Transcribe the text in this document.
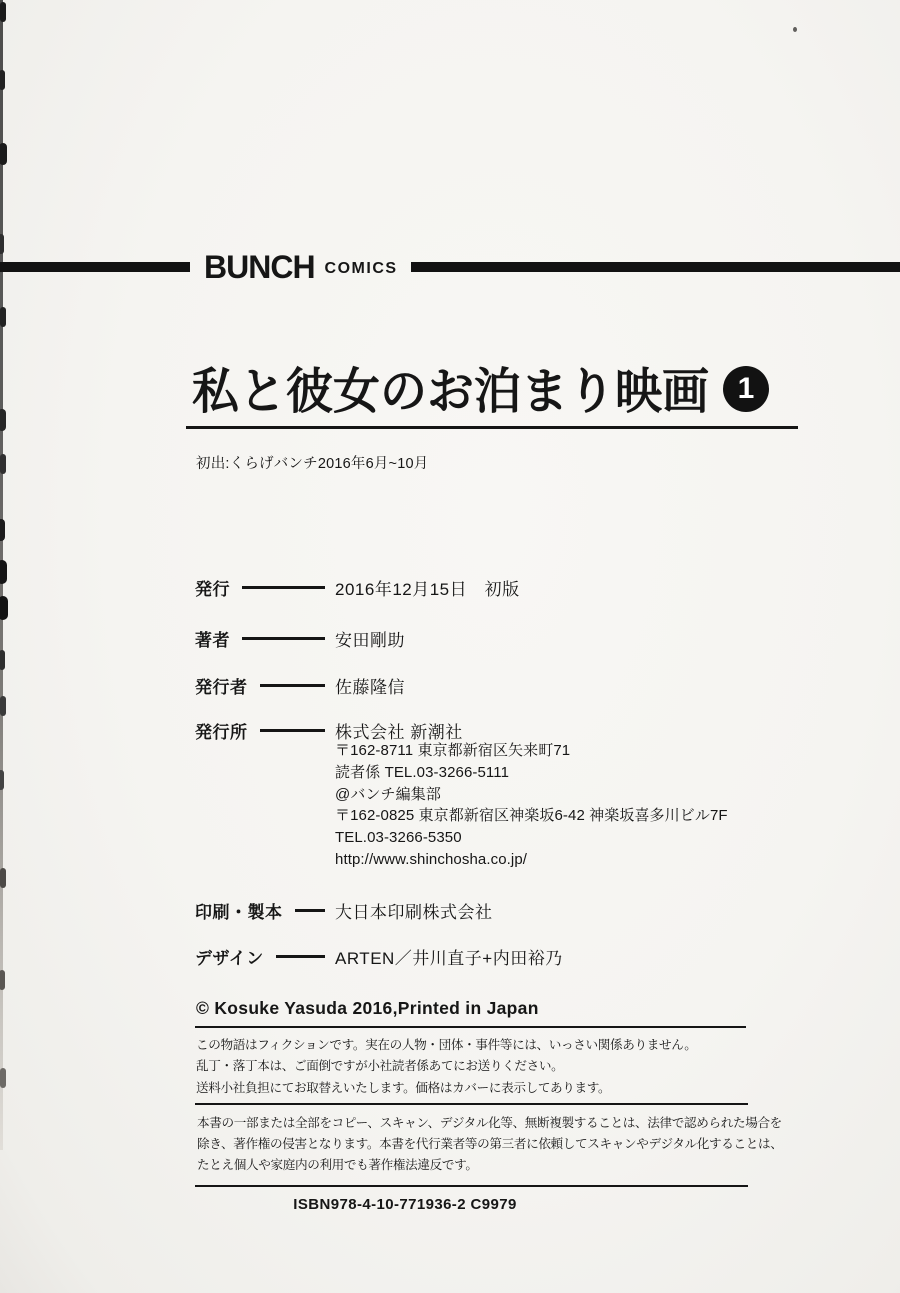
BUNCH COMICS
私と彼女のお泊まり映画 1
初出:くらげバンチ2016年6月~10月
発行	2016年12月15日　初版
著者	安田剛助
発行者	佐藤隆信
発行所	株式会社 新潮社
〒162-8711 東京都新宿区矢来町71
読者係 TEL.03-3266-5111
@バンチ編集部
〒162-0825 東京都新宿区神楽坂6-42 神楽坂喜多川ビル7F
TEL.03-3266-5350
http://www.shinchosha.co.jp/
印刷・製本	大日本印刷株式会社
デザイン	ARTEN／井川直子+内田裕乃
© Kosuke Yasuda 2016,Printed in Japan
この物語はフィクションです。実在の人物・団体・事件等には、いっさい関係ありません。
乱丁・落丁本は、ご面倒ですが小社読者係あてにお送りください。
送料小社負担にてお取替えいたします。価格はカバーに表示してあります。
本書の一部または全部をコピー、スキャン、デジタル化等、無断複製することは、法律で認められた場合を
除き、著作権の侵害となります。本書を代行業者等の第三者に依頼してスキャンやデジタル化することは、
たとえ個人や家庭内の利用でも著作権法違反です。
ISBN978-4-10-771936-2 C9979
